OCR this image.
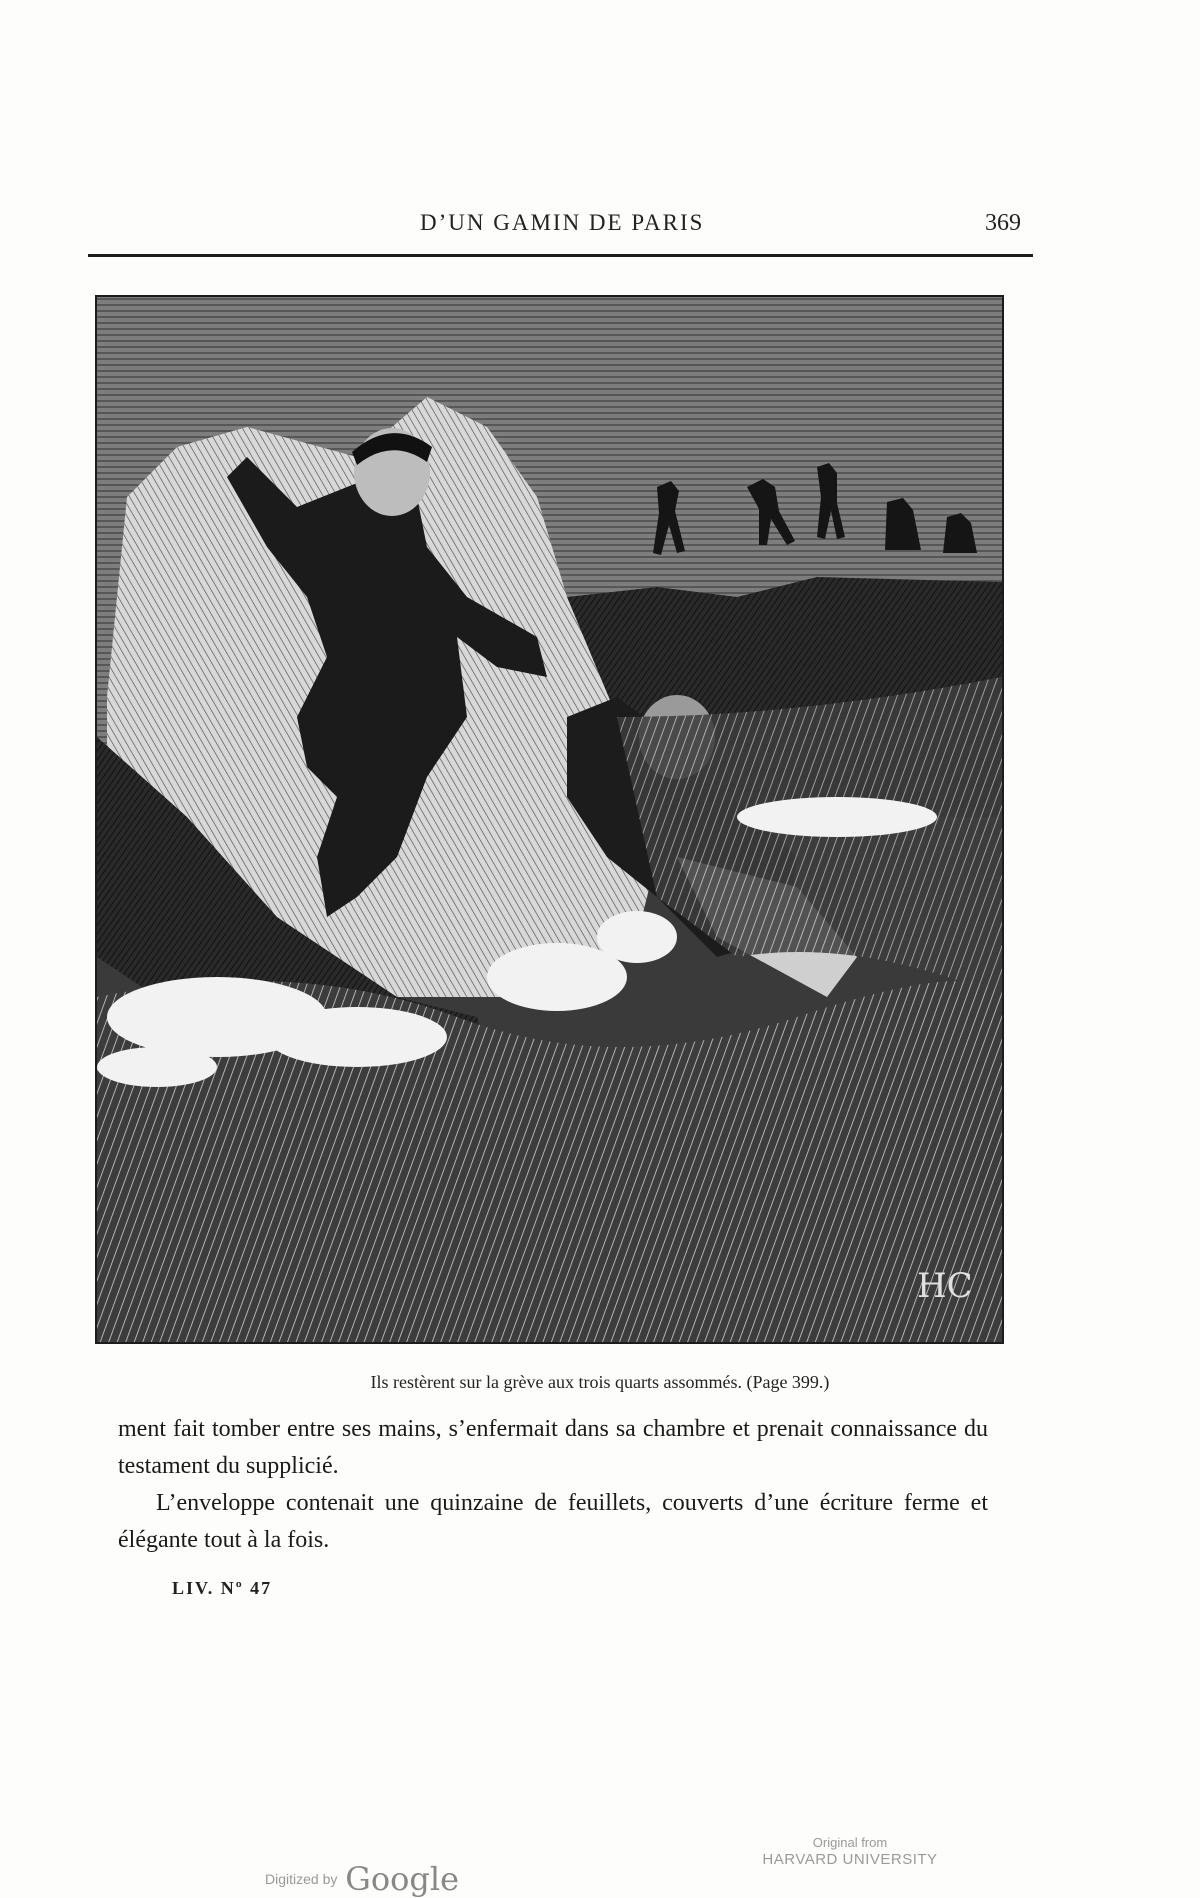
D’UN GAMIN DE PARIS	369
HC
Ils restèrent sur la grève aux trois quarts assommés. (Page 399.)

ment fait tomber entre ses mains, s’enfermait dans sa chambre et prenait connaissance du testament du supplicié.

L’enveloppe contenait une quinzaine de feuillets, couverts d’une écriture ferme et élégante tout à la fois.

LIV. Nº 47
Digitized by Google
Original from
HARVARD UNIVERSITY
